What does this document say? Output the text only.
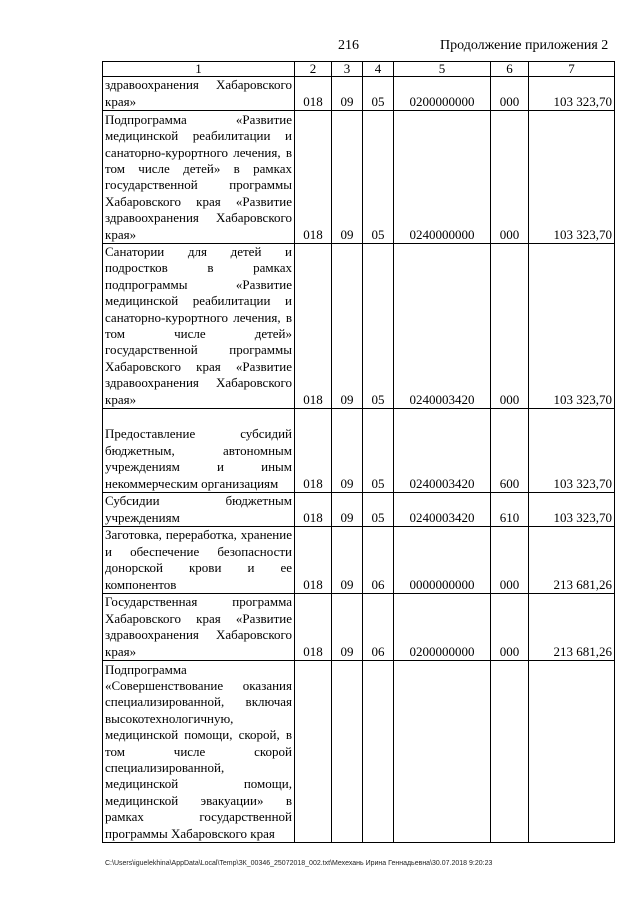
216	Продолжение приложения 2
1	2	3	4	5	6	7
здравоохранения Хабаровского края»	018	09	05	0200000000	000	103 323,70
Подпрограмма «Развитие медицинской реабилитации и санаторно-курортного лечения, в том числе детей» в рамках государственной программы Хабаровского края «Развитие здравоохранения Хабаровского края»	018	09	05	0240000000	000	103 323,70
Санатории для детей и подростков в рамках подпрограммы «Развитие медицинской реабилитации и санаторно-курортного лечения, в том числе детей» государственной программы Хабаровского края «Развитие здравоохранения Хабаровского края»	018	09	05	0240003420	000	103 323,70
Предоставление субсидий бюджетным, автономным учреждениям и иным некоммерческим организациям	018	09	05	0240003420	600	103 323,70
Субсидии бюджетным учреждениям	018	09	05	0240003420	610	103 323,70
Заготовка, переработка, хранение и обеспечение безопасности донорской крови и ее компонентов	018	09	06	0000000000	000	213 681,26
Государственная программа Хабаровского края «Развитие здравоохранения Хабаровского края»	018	09	06	0200000000	000	213 681,26
Подпрограмма «Совершенствование оказания специализированной, включая высокотехнологичную, медицинской помощи, скорой, в том числе скорой специализированной, медицинской помощи, медицинской эвакуации» в рамках государственной программы Хабаровского края						
C:\Users\iguelekhina\AppData\Local\Temp\ЗК_00346_25072018_002.txt\Мехехань Ирина Геннадьевна\30.07.2018 9:20:23
